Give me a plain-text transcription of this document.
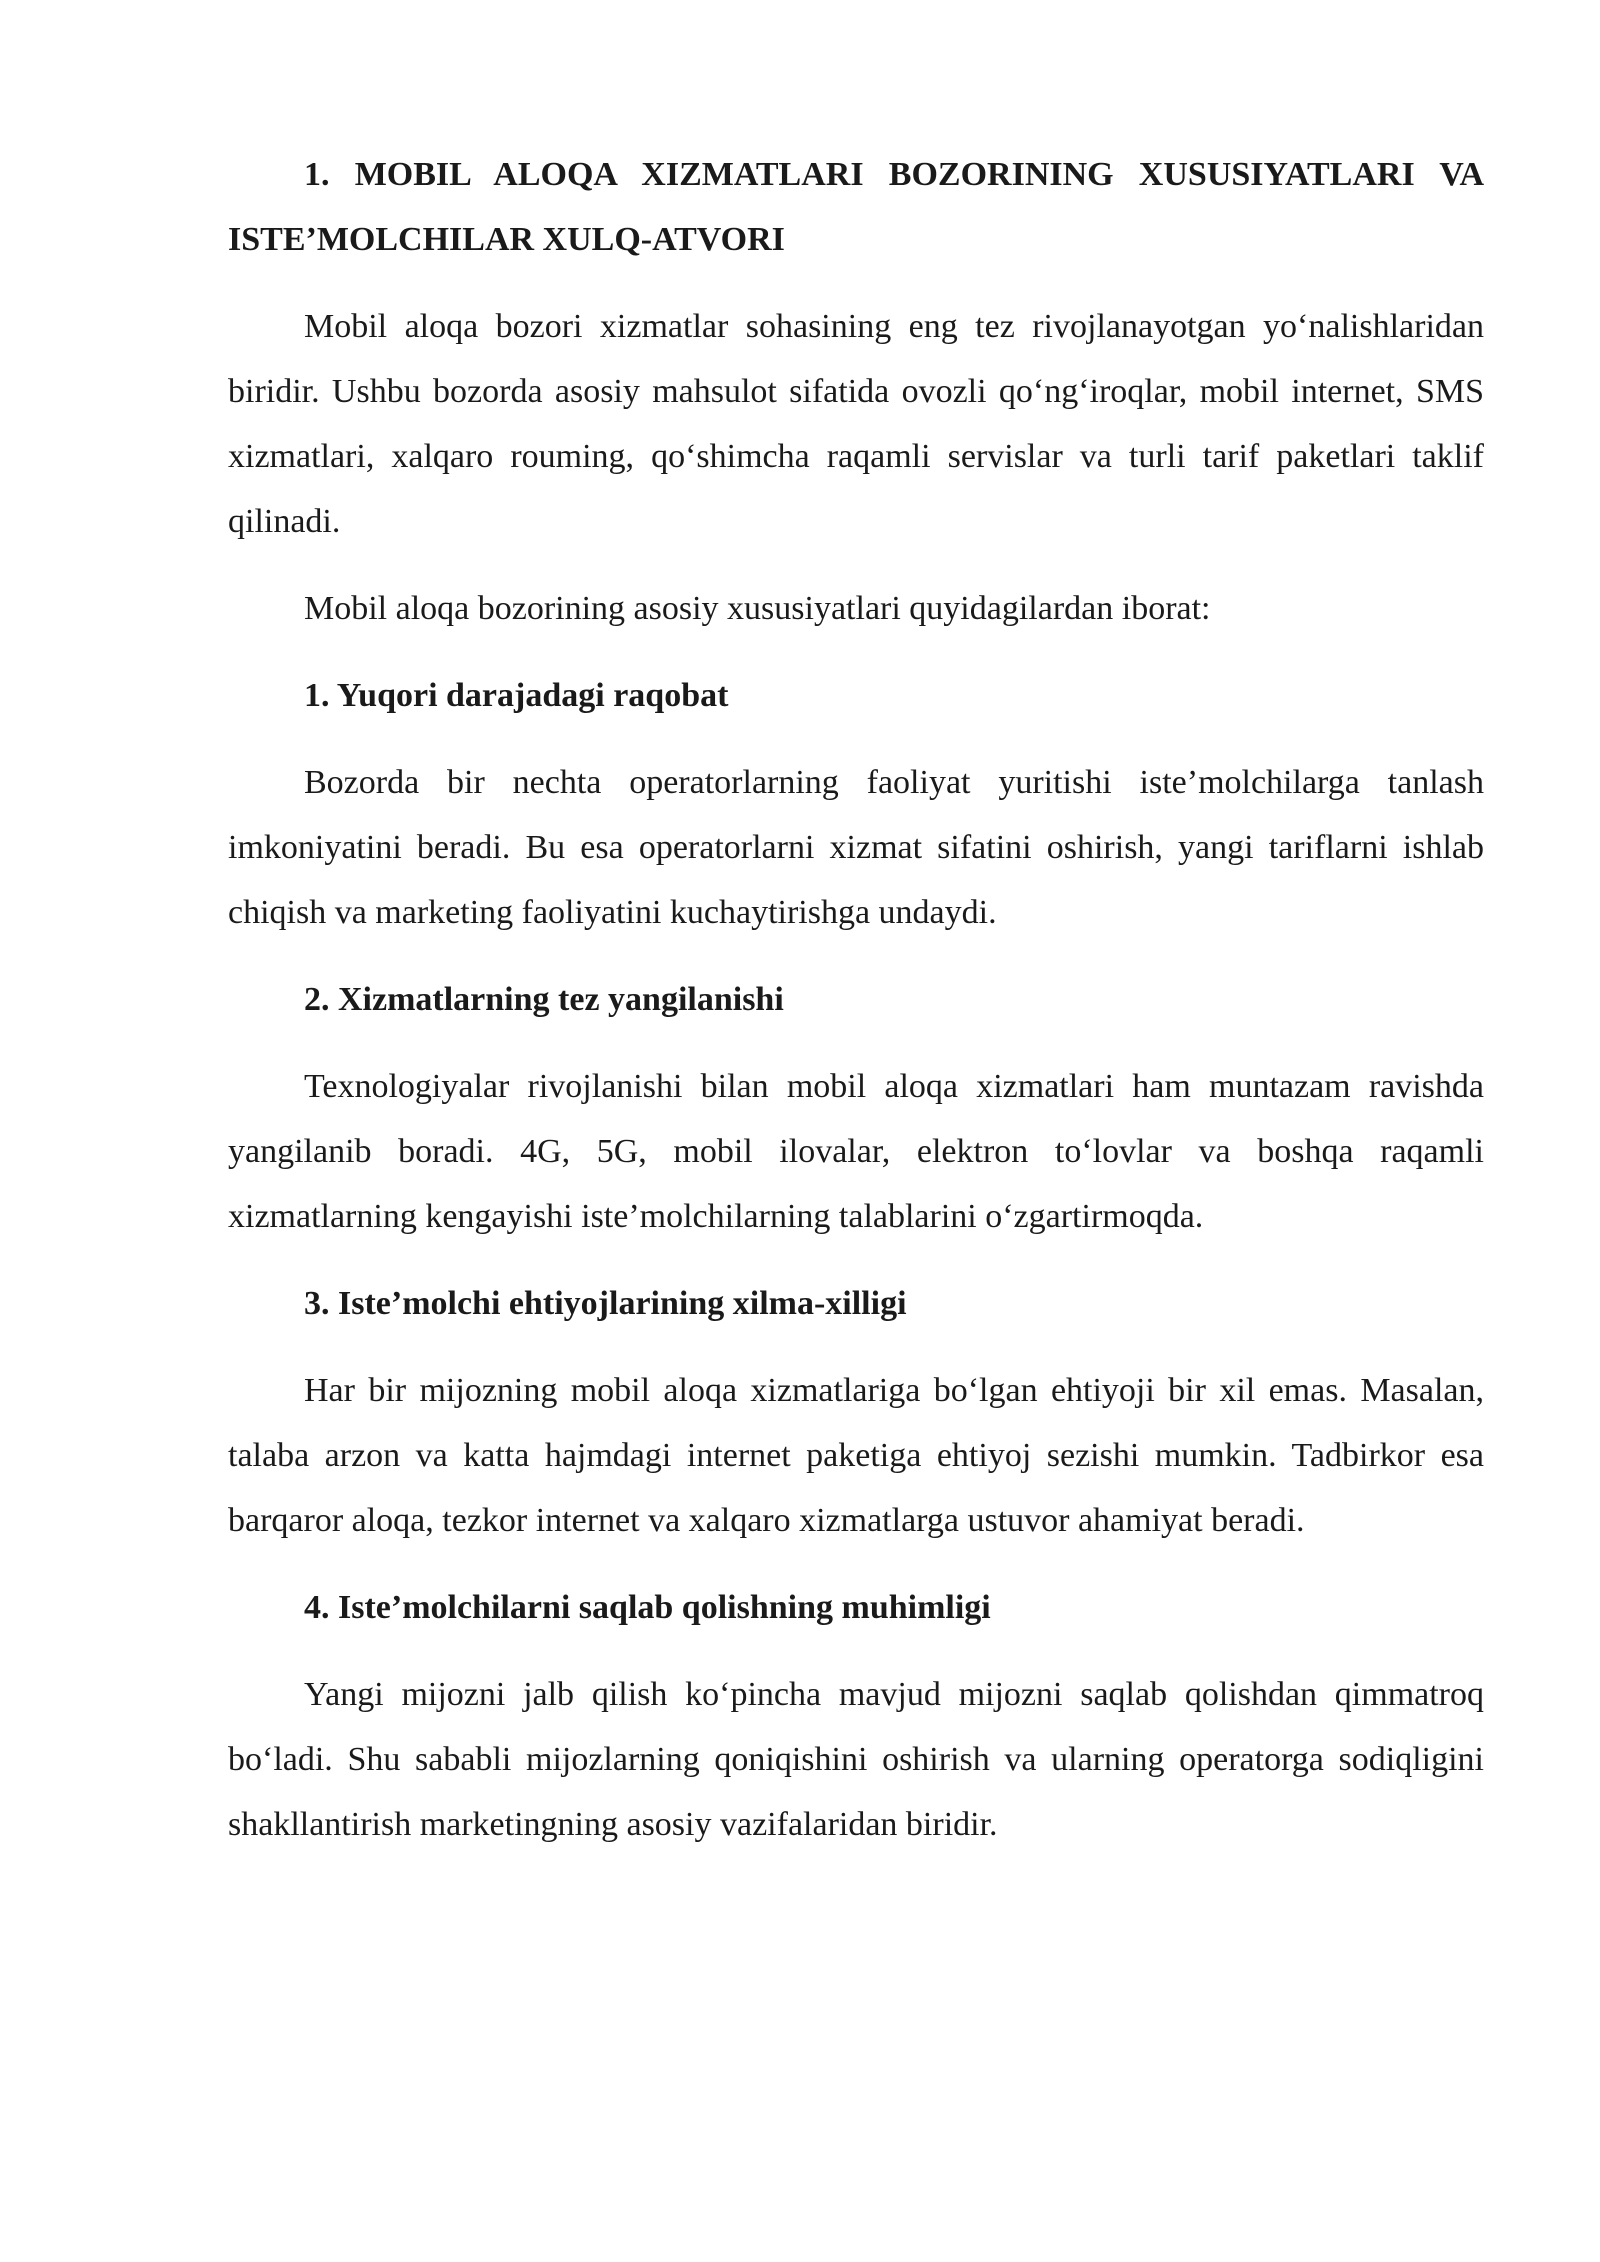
1. MOBIL ALOQA XIZMATLARI BOZORINING XUSUSIYATLARI VA ISTE’MOLCHILAR XULQ-ATVORI

Mobil aloqa bozori xizmatlar sohasining eng tez rivojlanayotgan yo‘nalishlaridan biridir. Ushbu bozorda asosiy mahsulot sifatida ovozli qo‘ng‘iroqlar, mobil internet, SMS xizmatlari, xalqaro rouming, qo‘shimcha raqamli servislar va turli tarif paketlari taklif qilinadi.

Mobil aloqa bozorining asosiy xususiyatlari quyidagilardan iborat:

1. Yuqori darajadagi raqobat

Bozorda bir nechta operatorlarning faoliyat yuritishi iste’molchilarga tanlash imkoniyatini beradi. Bu esa operatorlarni xizmat sifatini oshirish, yangi tariflarni ishlab chiqish va marketing faoliyatini kuchaytirishga undaydi.

2. Xizmatlarning tez yangilanishi

Texnologiyalar rivojlanishi bilan mobil aloqa xizmatlari ham muntazam ravishda yangilanib boradi. 4G, 5G, mobil ilovalar, elektron to‘lovlar va boshqa raqamli xizmatlarning kengayishi iste’molchilarning talablarini o‘zgartirmoqda.

3. Iste’molchi ehtiyojlarining xilma-xilligi

Har bir mijozning mobil aloqa xizmatlariga bo‘lgan ehtiyoji bir xil emas. Masalan, talaba arzon va katta hajmdagi internet paketiga ehtiyoj sezishi mumkin. Tadbirkor esa barqaror aloqa, tezkor internet va xalqaro xizmatlarga ustuvor ahamiyat beradi.

4. Iste’molchilarni saqlab qolishning muhimligi

Yangi mijozni jalb qilish ko‘pincha mavjud mijozni saqlab qolishdan qimmatroq bo‘ladi. Shu sababli mijozlarning qoniqishini oshirish va ularning operatorga sodiqligini shakllantirish marketingning asosiy vazifalaridan biridir.
